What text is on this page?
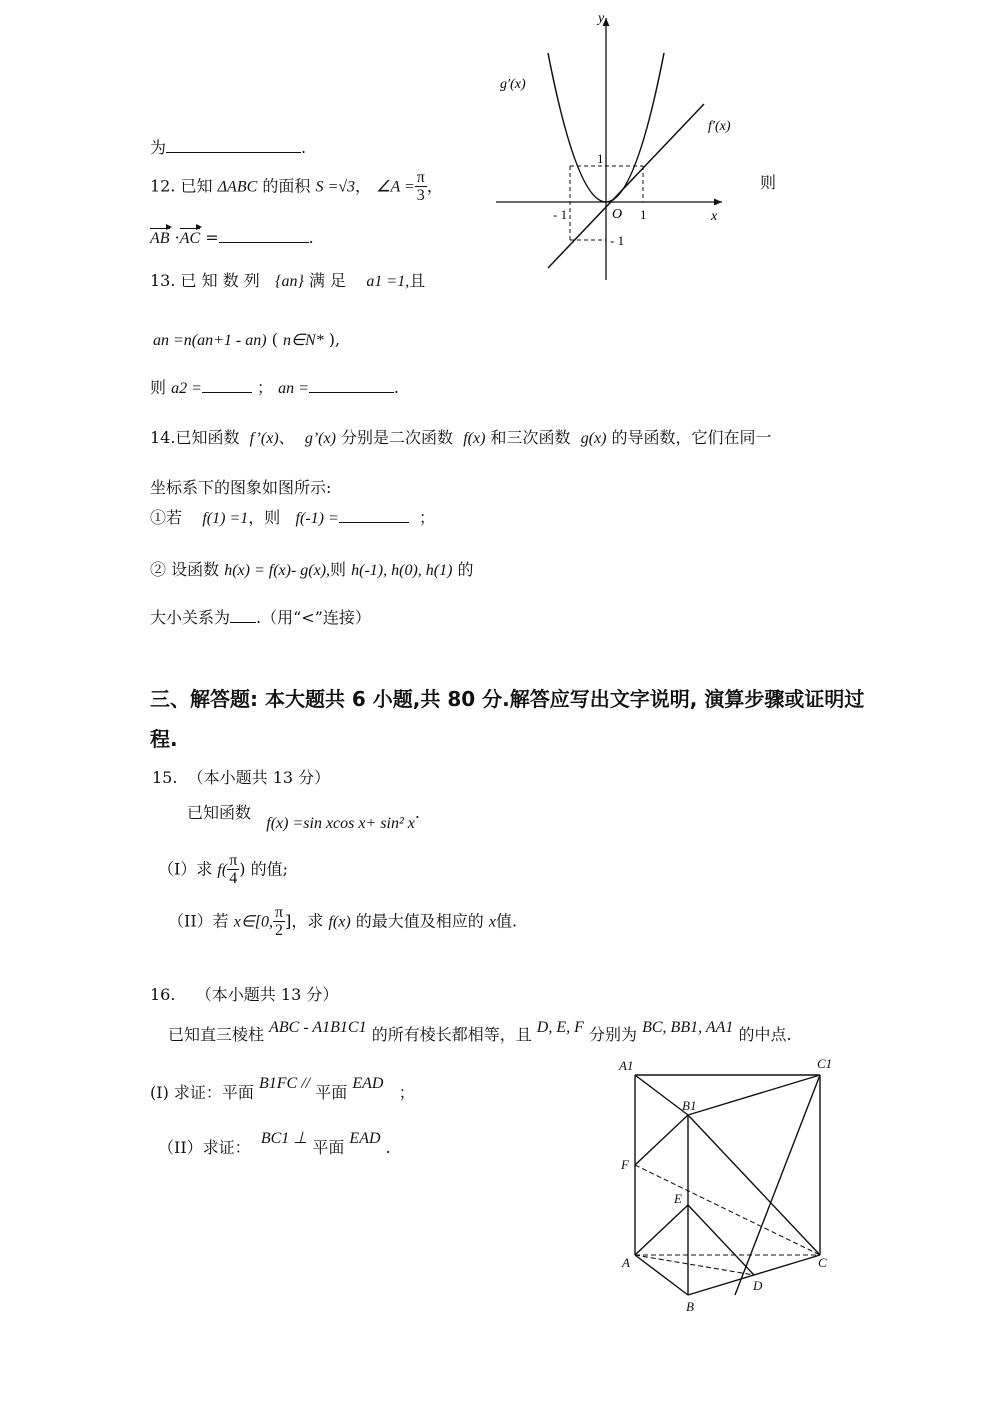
为	.
12. 已知 ΔABC 的面积 S =√3， ∠A = $\frac{\pi}{3}$ ，	则
AB ·AC =	.
13. 已 知 数 列 {an} 满 足 a1 =1,且
an =n(an+1 - an) ( n∈N* ),
则 a2 =	； an =	.
14.已知函数 f’(x)、 g’(x) 分别是二次函数 f(x) 和三次函数 g(x) 的导函数，它们在同一
坐标系下的图象如图所示:
①若 f(1) =1，则 f(-1) =	；
② 设函数 h(x) = f(x)- g(x),则 h(-1), h(0), h(1) 的
大小关系为 .（用“<”连接）
y
x
O
g′(x)
f′(x)
1
- 1	1
- 1
三、解答题: 本大题共 6 小题,共 80 分.解答应写出文字说明, 演算步骤或证明过
程.
15. （本小题共 13 分）
已知函数   f(x) =sin xcos x+ sin² x.
（Ⅰ）求 $f( \frac{\pi}{4}$ ) 的值;
（II）若 x∈[0, $\frac{\pi}{2}$ ]，求 f(x) 的最大值及相应的 x值.
16. （本小题共 13 分）
已知直三棱柱 ABC - A1B1C1 的所有棱长都相等，且 D, E, F 分别为 BC, BB1, AA1 的中点.
(I) 求证：平面 B1FC // 平面 EAD ；
（II）求证： BC1 ⊥ 平面 EAD .
A1	C1
B1
F
E
A	C
D
B
